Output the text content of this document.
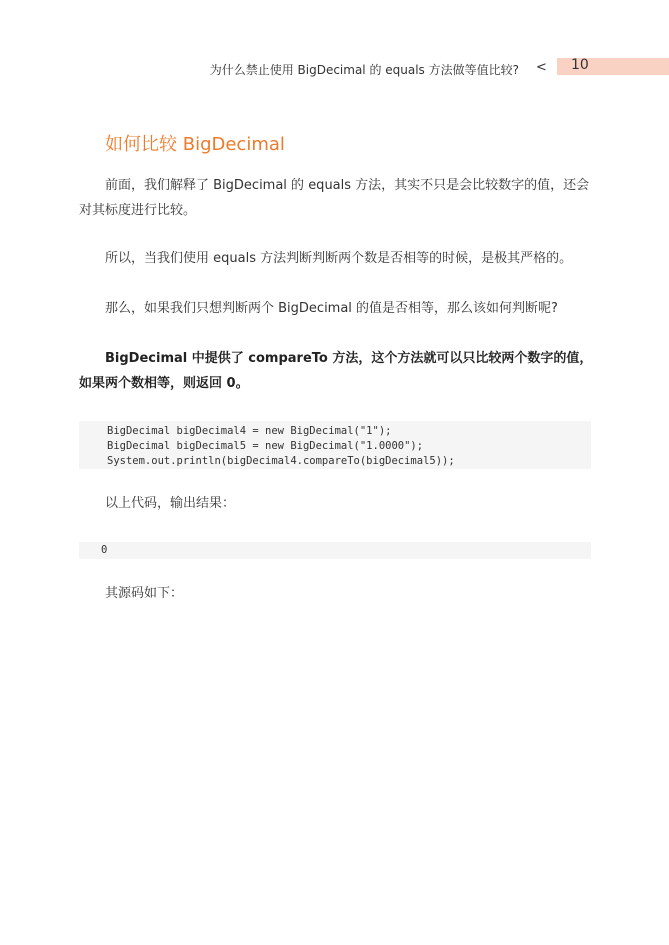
为什么禁止使用 BigDecimal 的 equals 方法做等值比较? < 10
如何比较 BigDecimal

前面，我们解释了 BigDecimal 的 equals 方法，其实不只是会比较数字的值，还会对其标度进行比较。

所以，当我们使用 equals 方法判断判断两个数是否相等的时候，是极其严格的。

那么，如果我们只想判断两个 BigDecimal 的值是否相等，那么该如何判断呢?

BigDecimal 中提供了 compareTo 方法，这个方法就可以只比较两个数字的值，如果两个数相等，则返回 0。

BigDecimal bigDecimal4 = new BigDecimal("1");
BigDecimal bigDecimal5 = new BigDecimal("1.0000");
System.out.println(bigDecimal4.compareTo(bigDecimal5));

以上代码，输出结果：

0

其源码如下：
